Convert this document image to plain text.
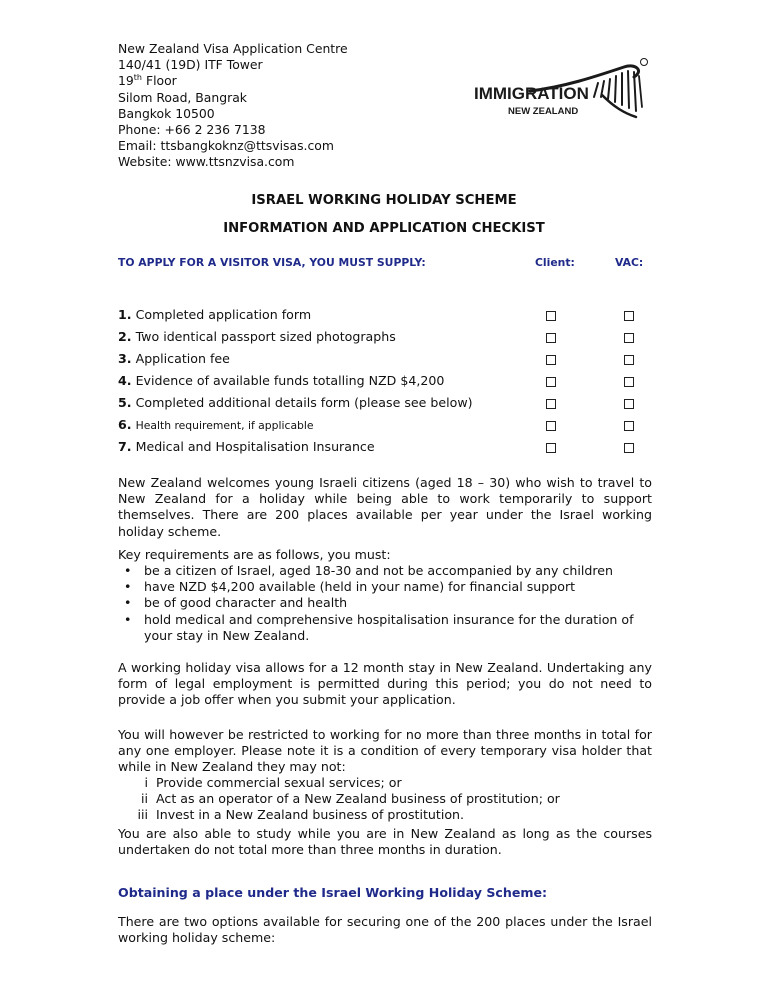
New Zealand Visa Application Centre
140/41 (19D) ITF Tower
19th Floor
Silom Road, Bangrak
Bangkok 10500
Phone: +66 2 236 7138
Email: ttsbangkoknz@ttsvisas.com
Website: www.ttsnzvisa.com
IMMIGRATION
NEW ZEALAND
ISRAEL WORKING HOLIDAY SCHEME
INFORMATION AND APPLICATION CHECKIST
TO APPLY FOR A VISITOR VISA, YOU MUST SUPPLY:	Client:	VAC:
1. Completed application form
2. Two identical passport sized photographs
3. Application fee
4. Evidence of available funds totalling NZD $4,200
5. Completed additional details form (please see below)
6. Health requirement, if applicable
7. Medical and Hospitalisation Insurance
New Zealand welcomes young Israeli citizens (aged 18 – 30) who wish to travel to New Zealand for a holiday while being able to work temporarily to support themselves. There are 200 places available per year under the Israel working holiday scheme.
Key requirements are as follows, you must:
• be a citizen of Israel, aged 18-30 and not be accompanied by any children
• have NZD $4,200 available (held in your name) for financial support
• be of good character and health
• hold medical and comprehensive hospitalisation insurance for the duration of your stay in New Zealand.
A working holiday visa allows for a 12 month stay in New Zealand. Undertaking any form of legal employment is permitted during this period; you do not need to provide a job offer when you submit your application.
You will however be restricted to working for no more than three months in total for any one employer. Please note it is a condition of every temporary visa holder that while in New Zealand they may not:
i Provide commercial sexual services; or
ii Act as an operator of a New Zealand business of prostitution; or
iii Invest in a New Zealand business of prostitution.
You are also able to study while you are in New Zealand as long as the courses undertaken do not total more than three months in duration.
Obtaining a place under the Israel Working Holiday Scheme:
There are two options available for securing one of the 200 places under the Israel working holiday scheme:
